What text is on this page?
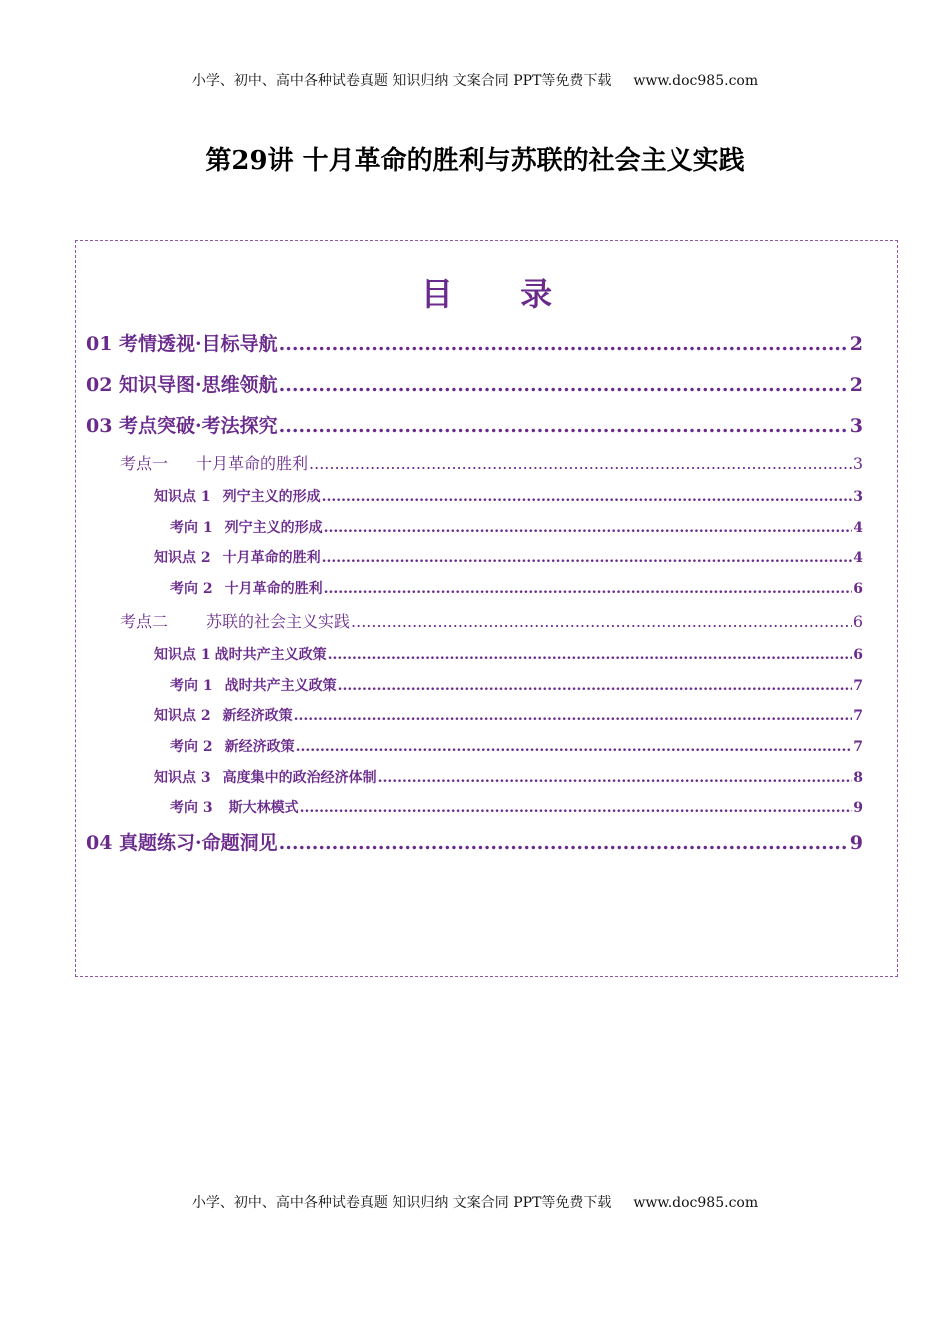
小学、初中、高中各种试卷真题 知识归纳 文案合同 PPT等免费下载 www.doc985.com
第29讲 十月革命的胜利与苏联的社会主义实践
目 录
01 考情透视·目标导航 .....	2
02 知识导图·思维领航 .....	2
03 考点突破·考法探究 .....	3
考点一 十月革命的胜利 .....	3
知识点 1 列宁主义的形成 .....	3
考向 1 列宁主义的形成 .....	4
知识点 2 十月革命的胜利 .....	4
考向 2 十月革命的胜利 .....	6
考点二 苏联的社会主义实践 .....	6
知识点 1 战时共产主义政策 .....	6
考向 1 战时共产主义政策 .....	7
知识点 2 新经济政策 .....	7
考向 2 新经济政策 .....	7
知识点 3 高度集中的政治经济体制 .....	8
考向 3 斯大林模式 .....	9
04 真题练习·命题洞见 .....	9
小学、初中、高中各种试卷真题 知识归纳 文案合同 PPT等免费下载 www.doc985.com
